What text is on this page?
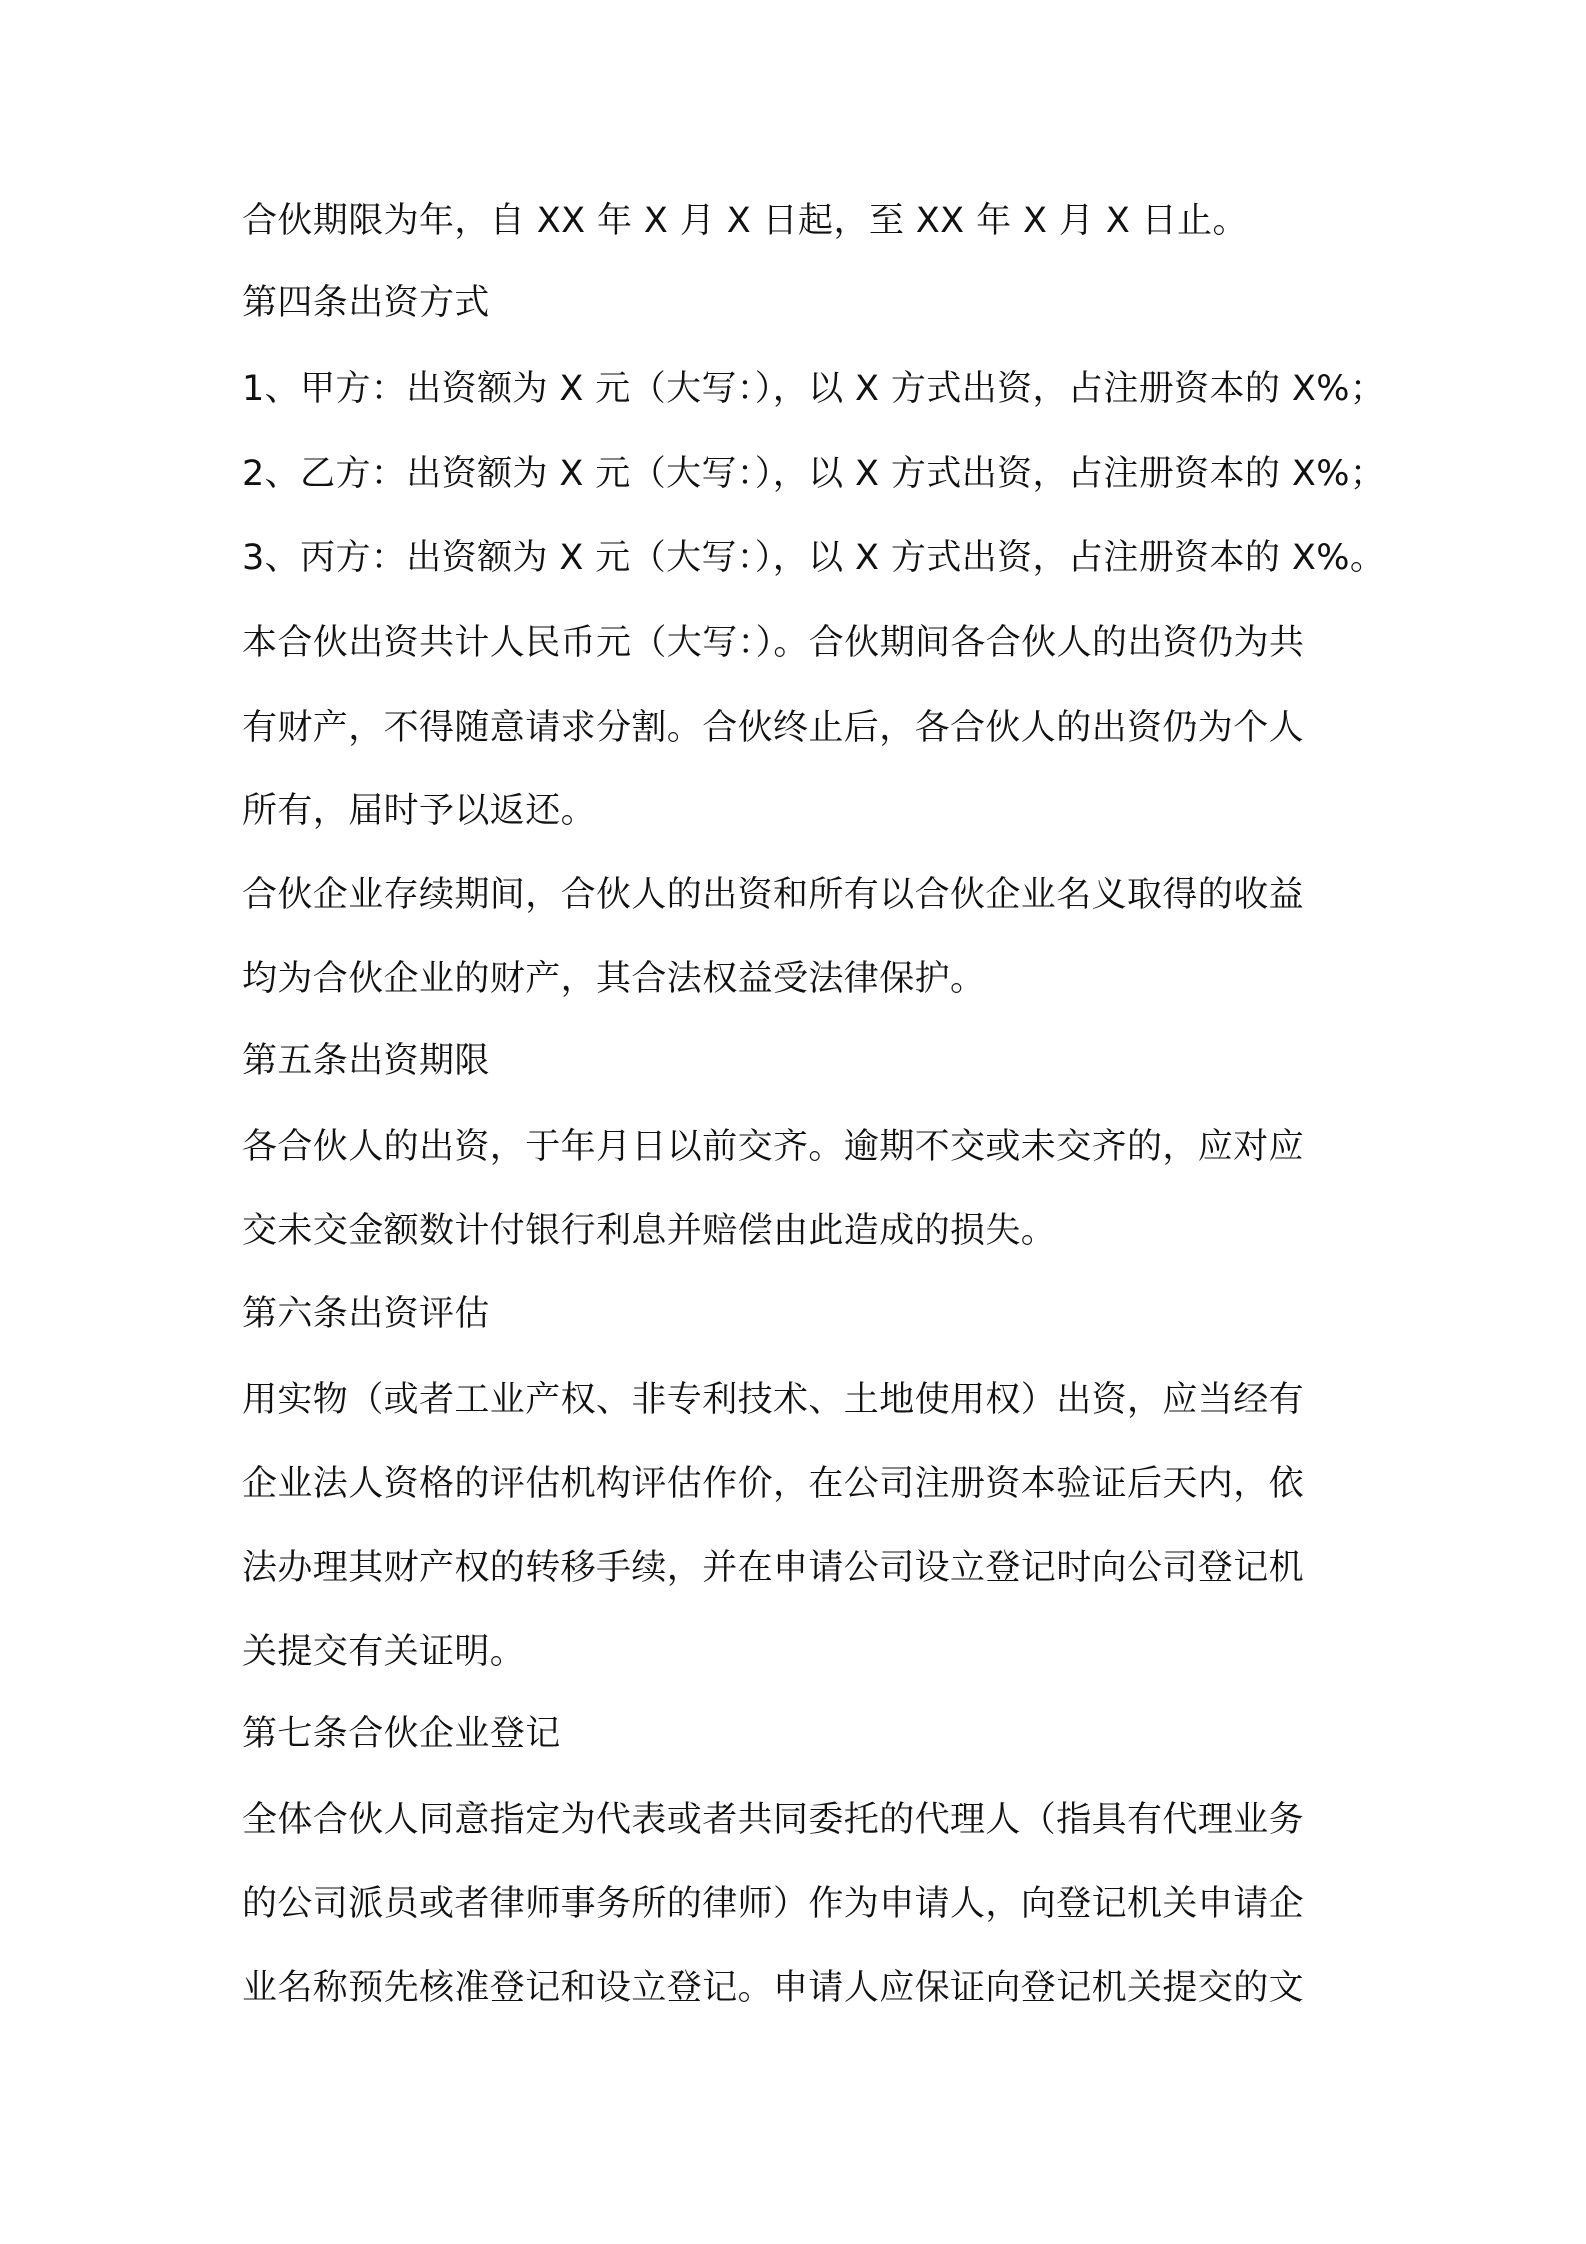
合伙期限为年，自 XX 年 X 月 X 日起，至 XX 年 X 月 X 日止。
第四条出资方式
1、甲方：出资额为 X 元（大写：），以 X 方式出资，占注册资本的 X%；
2、乙方：出资额为 X 元（大写：），以 X 方式出资，占注册资本的 X%；
3、丙方：出资额为 X 元（大写：），以 X 方式出资，占注册资本的 X%。
本合伙出资共计人民币元（大写：）。合伙期间各合伙人的出资仍为共
有财产，不得随意请求分割。合伙终止后，各合伙人的出资仍为个人
所有，届时予以返还。
合伙企业存续期间，合伙人的出资和所有以合伙企业名义取得的收益
均为合伙企业的财产，其合法权益受法律保护。
第五条出资期限
各合伙人的出资，于年月日以前交齐。逾期不交或未交齐的，应对应
交未交金额数计付银行利息并赔偿由此造成的损失。
第六条出资评估
用实物（或者工业产权、非专利技术、土地使用权）出资，应当经有
企业法人资格的评估机构评估作价，在公司注册资本验证后天内，依
法办理其财产权的转移手续，并在申请公司设立登记时向公司登记机
关提交有关证明。
第七条合伙企业登记
全体合伙人同意指定为代表或者共同委托的代理人（指具有代理业务
的公司派员或者律师事务所的律师）作为申请人，向登记机关申请企
业名称预先核准登记和设立登记。申请人应保证向登记机关提交的文
